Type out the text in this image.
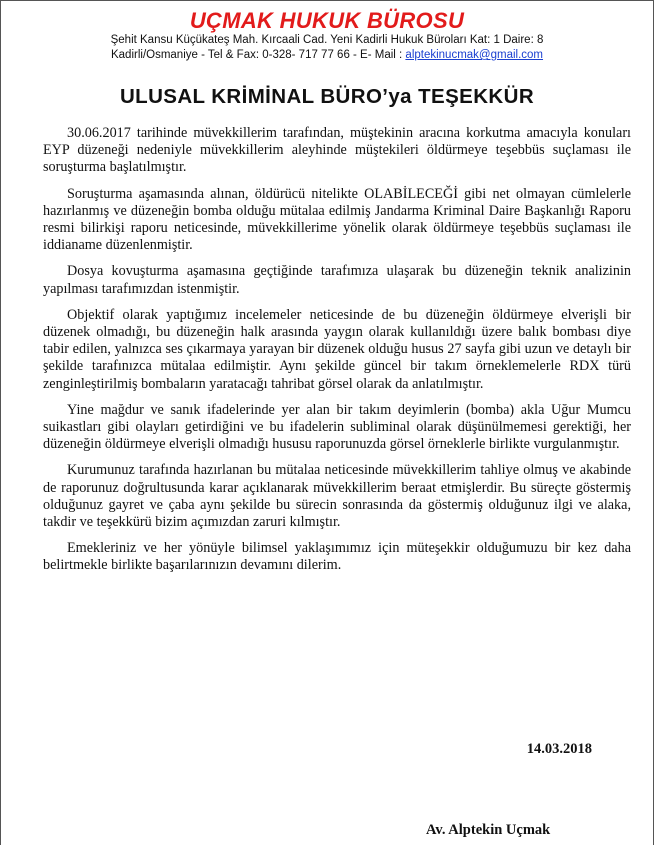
UÇMAK HUKUK BÜROSU
Şehit Kansu Küçükateş Mah. Kırcaali Cad. Yeni Kadirli Hukuk Büroları Kat: 1 Daire: 8
Kadirli/Osmaniye - Tel & Fax: 0-328- 717 77 66 - E- Mail : alptekinucmak@gmail.com
ULUSAL KRİMİNAL BÜRO’ya TEŞEKKÜR

30.06.2017 tarihinde müvekkillerim tarafından, müştekinin aracına korkutma amacıyla konuları EYP düzeneği nedeniyle müvekkillerim aleyhinde müştekileri öldürmeye teşebbüs suçlaması ile soruşturma başlatılmıştır.

Soruşturma aşamasında alınan, öldürücü nitelikte OLABİLECEĞİ gibi net olmayan cümlelerle hazırlanmış ve düzeneğin bomba olduğu mütalaa edilmiş Jandarma Kriminal Daire Başkanlığı Raporu resmi bilirkişi raporu neticesinde, müvekkillerime yönelik olarak öldürmeye teşebbüs suçlaması ile iddianame düzenlenmiştir.

Dosya kovuşturma aşamasına geçtiğinde tarafımıza ulaşarak bu düzeneğin teknik analizinin yapılması tarafımızdan istenmiştir.

Objektif olarak yaptığımız incelemeler neticesinde de bu düzeneğin öldürmeye elverişli bir düzenek olmadığı, bu düzeneğin halk arasında yaygın olarak kullanıldığı üzere balık bombası diye tabir edilen, yalnızca ses çıkarmaya yarayan bir düzenek olduğu husus 27 sayfa gibi uzun ve detaylı bir şekilde tarafınızca mütalaa edilmiştir. Aynı şekilde güncel bir takım örneklemelerle RDX türü zenginleştirilmiş bombaların yaratacağı tahribat görsel olarak da anlatılmıştır.

Yine mağdur ve sanık ifadelerinde yer alan bir takım deyimlerin (bomba) akla Uğur Mumcu suikastları gibi olayları getirdiğini ve bu ifadelerin subliminal olarak düşünülmemesi gerektiği, her düzeneğin öldürmeye elverişli olmadığı hususu raporunuzda görsel örneklerle birlikte vurgulanmıştır.

Kurumunuz tarafında hazırlanan bu mütalaa neticesinde müvekkillerim tahliye olmuş ve akabinde de raporunuz doğrultusunda karar açıklanarak müvekkillerim beraat etmişlerdir. Bu süreçte göstermiş olduğunuz gayret ve çaba aynı şekilde bu sürecin sonrasında da göstermiş olduğunuz ilgi ve alaka, takdir ve teşekkürü bizim açımızdan zaruri kılmıştır.

Emekleriniz ve her yönüyle bilimsel yaklaşımımız için müteşekkir olduğumuzu bir kez daha belirtmekle birlikte başarılarınızın devamını dilerim.

14.03.2018
Av. Alptekin Uçmak
